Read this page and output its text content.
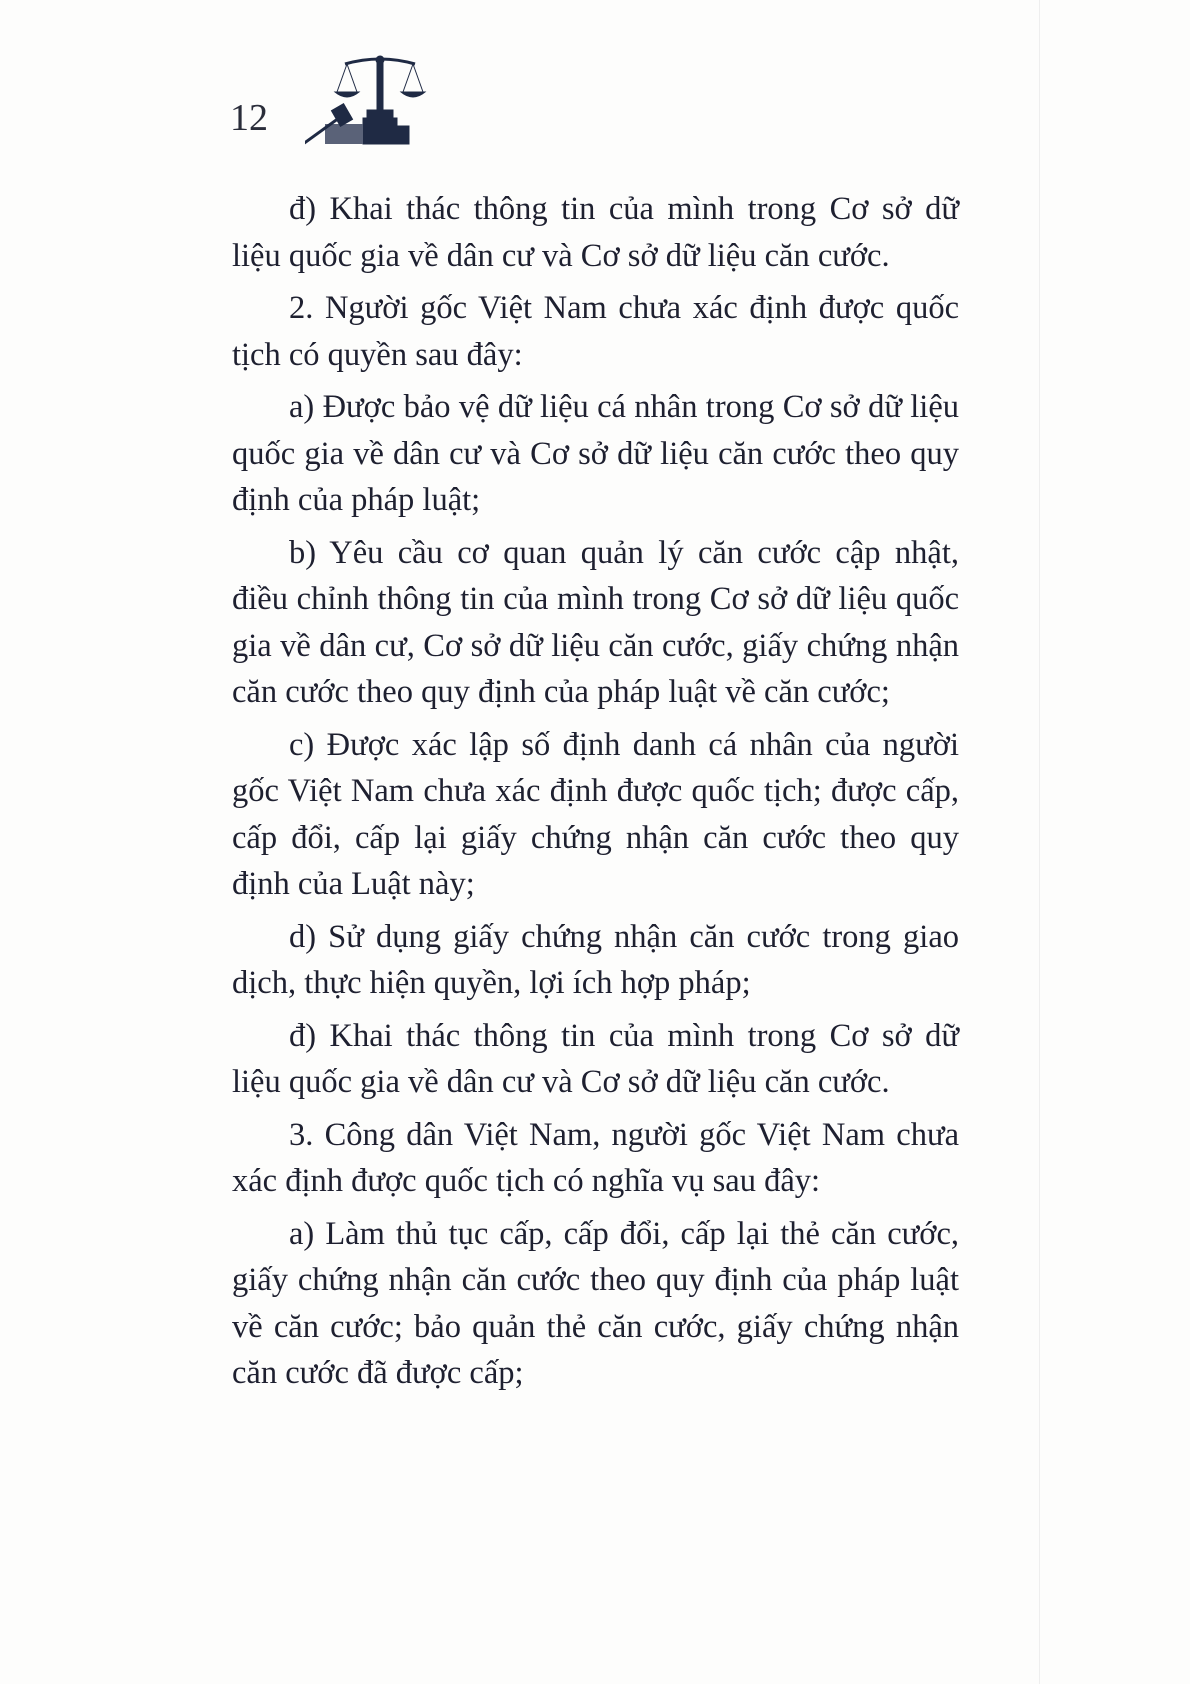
12

đ) Khai thác thông tin của mình trong Cơ sở dữ liệu quốc gia về dân cư và Cơ sở dữ liệu căn cước.

2. Người gốc Việt Nam chưa xác định được quốc tịch có quyền sau đây:

a) Được bảo vệ dữ liệu cá nhân trong Cơ sở dữ liệu quốc gia về dân cư và Cơ sở dữ liệu căn cước theo quy định của pháp luật;

b) Yêu cầu cơ quan quản lý căn cước cập nhật, điều chỉnh thông tin của mình trong Cơ sở dữ liệu quốc gia về dân cư, Cơ sở dữ liệu căn cước, giấy chứng nhận căn cước theo quy định của pháp luật về căn cước;

c) Được xác lập số định danh cá nhân của người gốc Việt Nam chưa xác định được quốc tịch; được cấp, cấp đổi, cấp lại giấy chứng nhận căn cước theo quy định của Luật này;

d) Sử dụng giấy chứng nhận căn cước trong giao dịch, thực hiện quyền, lợi ích hợp pháp;

đ) Khai thác thông tin của mình trong Cơ sở dữ liệu quốc gia về dân cư và Cơ sở dữ liệu căn cước.

3. Công dân Việt Nam, người gốc Việt Nam chưa xác định được quốc tịch có nghĩa vụ sau đây:

a) Làm thủ tục cấp, cấp đổi, cấp lại thẻ căn cước, giấy chứng nhận căn cước theo quy định của pháp luật về căn cước; bảo quản thẻ căn cước, giấy chứng nhận căn cước đã được cấp;
